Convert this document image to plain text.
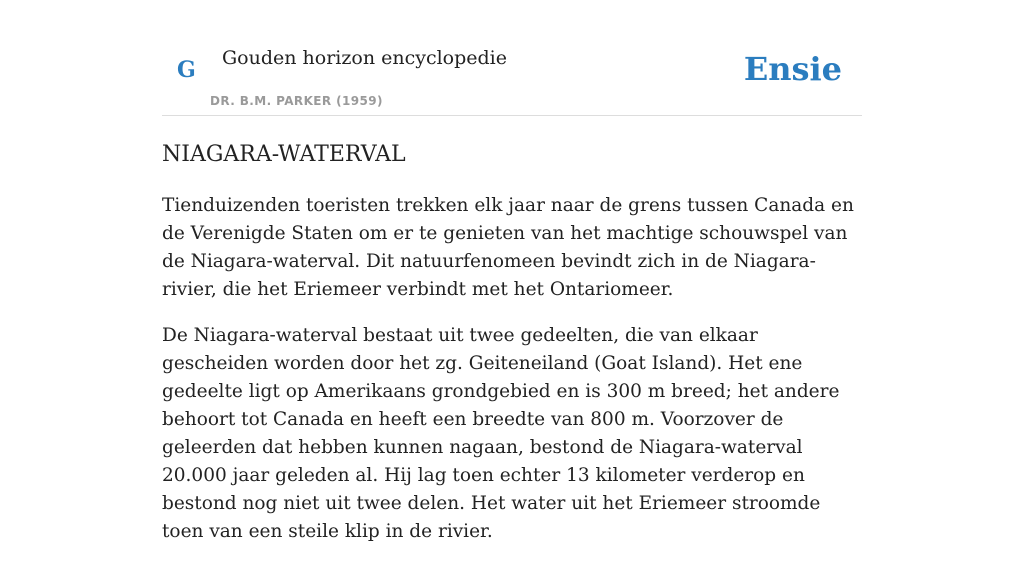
G Gouden horizon encyclopedie
DR. B.M. PARKER (1959)
Ensie
NIAGARA-WATERVAL

Tienduizenden toeristen trekken elk jaar naar de grens tussen Canada en de Verenigde Staten om er te genieten van het machtige schouwspel van de Niagara-waterval. Dit natuurfenomeen bevindt zich in de Niagara-rivier, die het Eriemeer verbindt met het Ontariomeer.

De Niagara-waterval bestaat uit twee gedeelten, die van elkaar gescheiden worden door het zg. Geiteneiland (Goat Island). Het ene gedeelte ligt op Amerikaans grondgebied en is 300 m breed; het andere behoort tot Canada en heeft een breedte van 800 m. Voorzover de geleerden dat hebben kunnen nagaan, bestond de Niagara-waterval 20.000 jaar geleden al. Hij lag toen echter 13 kilometer verderop en bestond nog niet uit twee delen. Het water uit het Eriemeer stroomde toen van een steile klip in de rivier.
